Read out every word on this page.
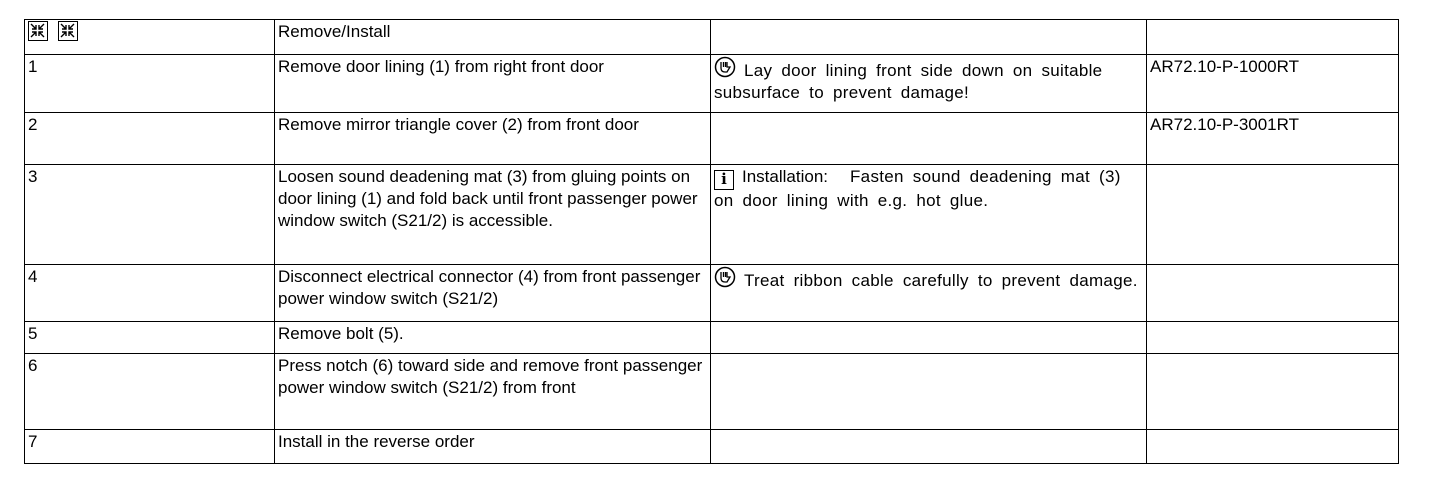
	Remove/Install		
1	Remove door lining (1) from right front door	Lay door lining front side down on suitable subsurface to prevent damage!	AR72.10-P-1000RT
2	Remove mirror triangle cover (2) from front door		AR72.10-P-3001RT
3	Loosen sound deadening mat (3) from gluing points on door lining (1) and fold back until front passenger power window switch (S21/2) is accessible.	i Installation: Fasten sound deadening mat (3) on door lining with e.g. hot glue.	
4	Disconnect electrical connector (4) from front passenger power window switch (S21/2)	Treat ribbon cable carefully to prevent damage.	
5	Remove bolt (5).		
6	Press notch (6) toward side and remove front passenger power window switch (S21/2) from front		
7	Install in the reverse order		
